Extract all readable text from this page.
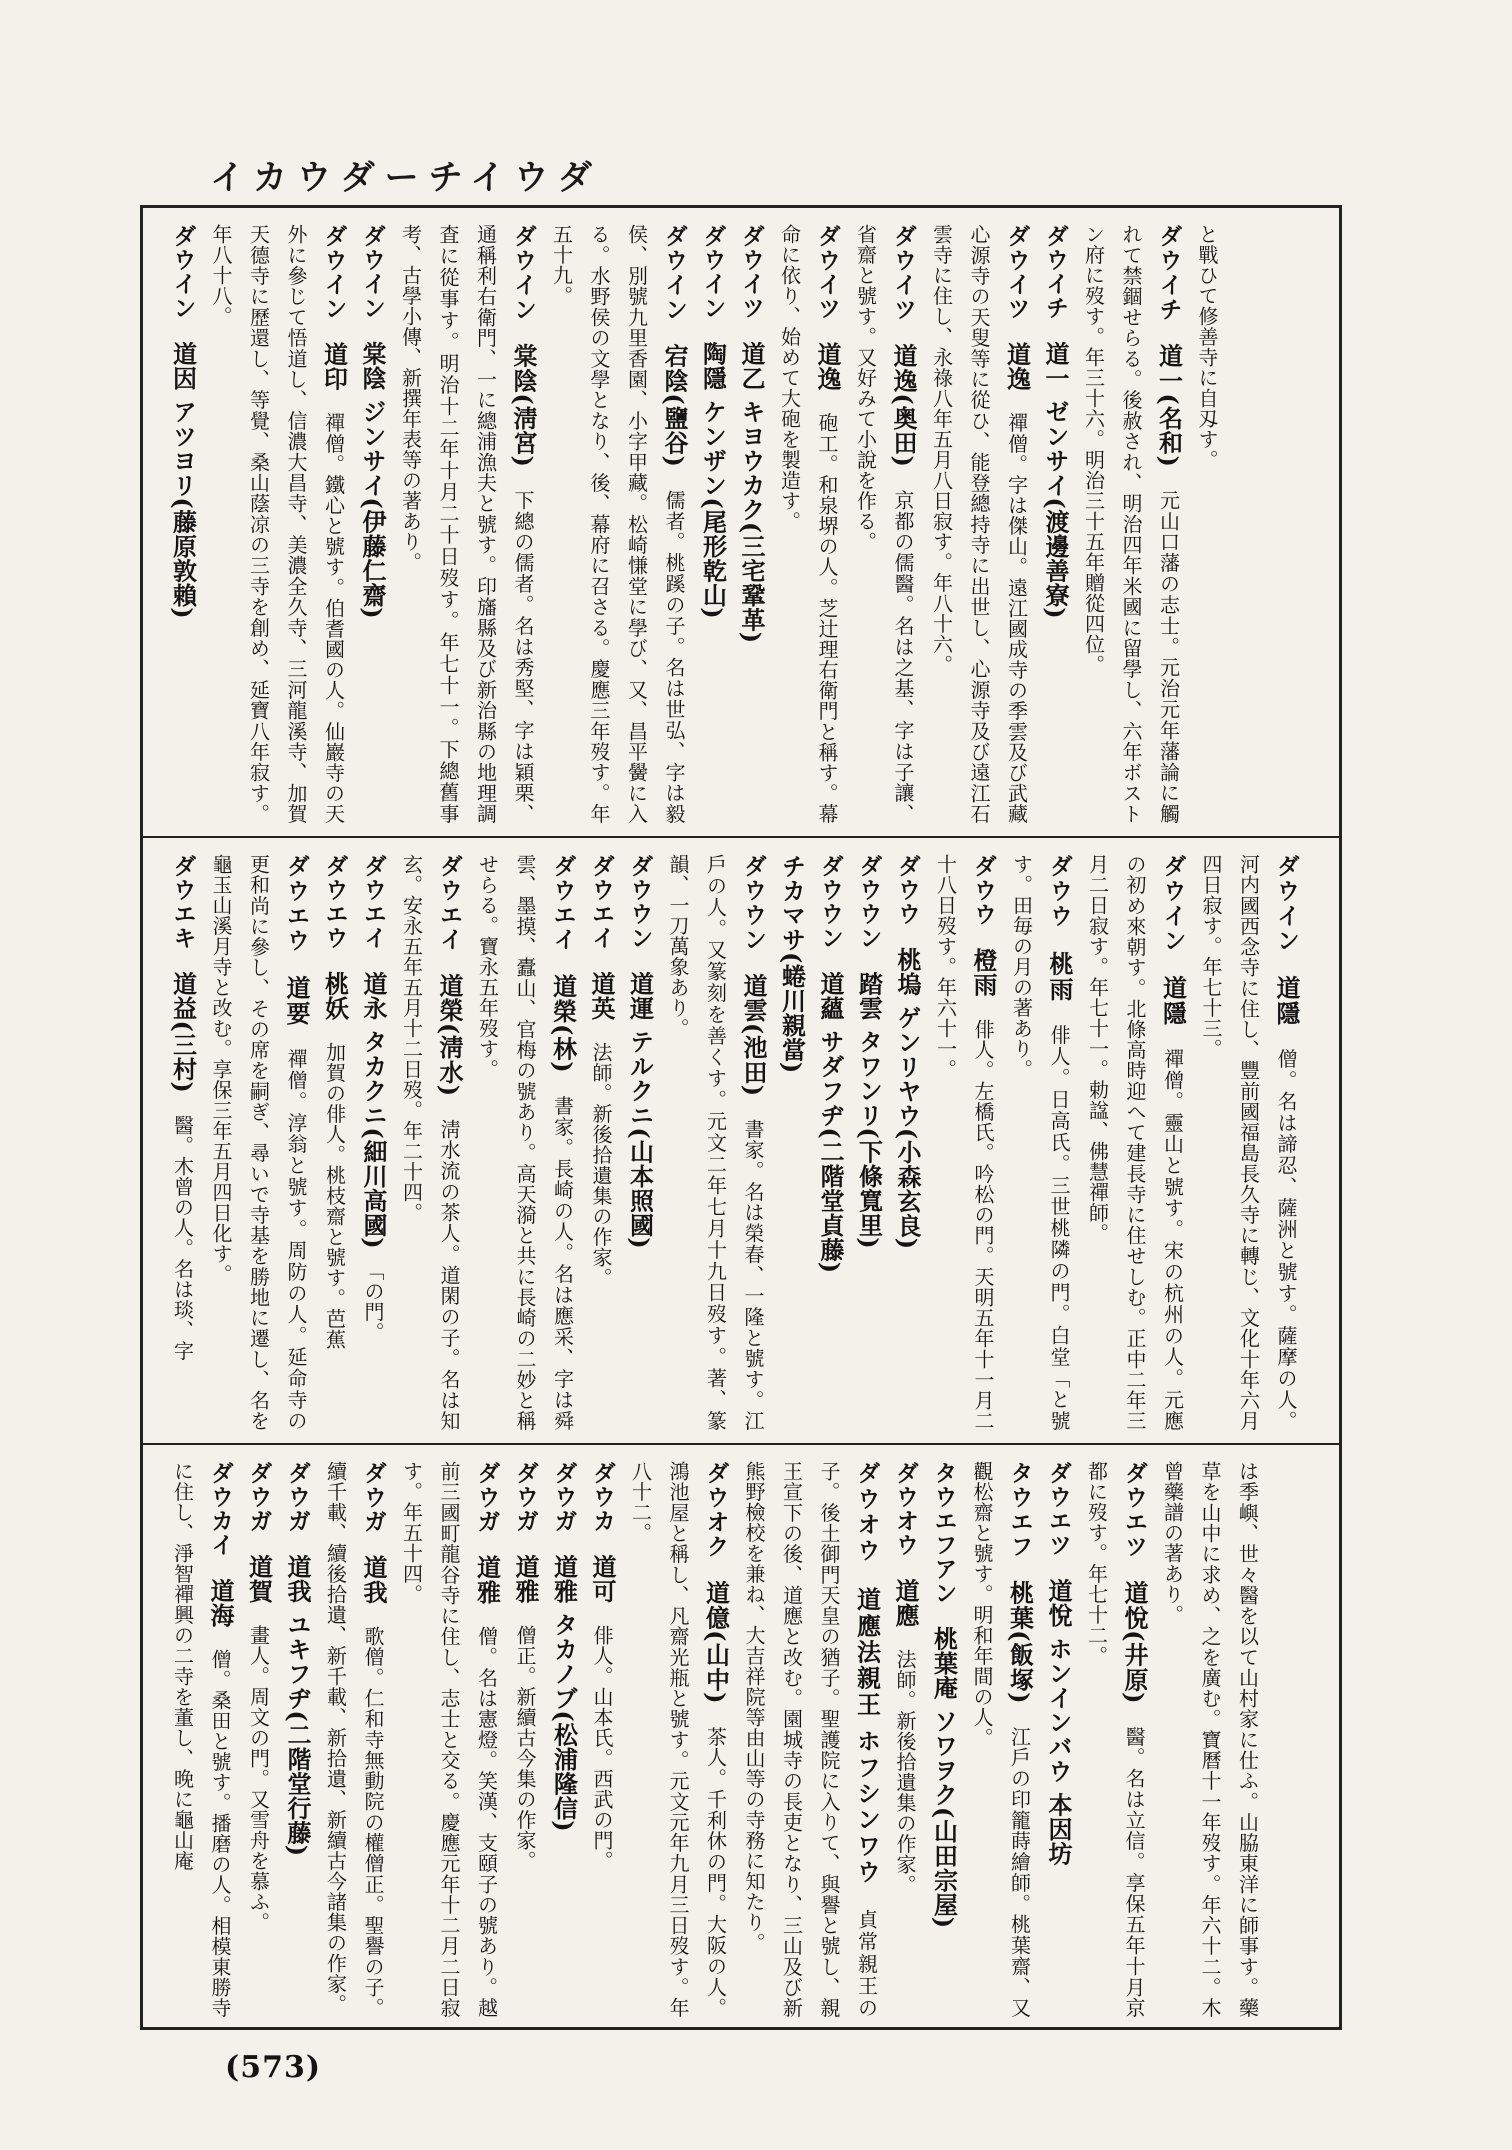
イカウダーチイウダ
と戰ひて修善寺に自刄す。
ダウイチ　道一(名和)　元山口藩の志士。元治元年藩論に觸れて禁錮せらる。後赦され、明治四年米國に留學し、六年ボストン府に歿す。年三十六。明治三十五年贈從四位。
ダウイチ　道一 ゼンサイ(渡邊善寮)　
ダウイツ　道逸　禪僧。字は傑山。遠江國成寺の季雲及び武藏心源寺の天叟等に從ひ、能登總持寺に出世し、心源寺及び遠江石雲寺に住し、永祿八年五月八日寂す。年八十六。
ダウイツ　道逸(奥田)　京都の儒醫。名は之基、字は子讓、省齋と號す。又好みて小說を作る。
ダウイツ　道逸　砲工。和泉堺の人。芝辻理右衛門と稱す。幕命に依り、始めて大砲を製造す。
ダウイツ　道乙 キヨウカク(三宅鞏革)　
ダウイン　陶隱 ケンザン(尾形乾山)　
ダウイン　宕陰(鹽谷)　儒者。桃蹊の子。名は世弘、字は毅侯、別號九里香園、小字甲藏。松崎慊堂に學び、又、昌平黌に入る。水野侯の文學となり、後、幕府に召さる。慶應三年歿す。年五十九。
ダウイン　棠陰(淸宮)　下總の儒者。名は秀堅、字は穎栗、通稱利右衛門、一に總浦漁夫と號す。印旛縣及び新治縣の地理調査に從事す。明治十二年十月二十日歿す。年七十一。下總舊事考、古學小傳、新撰年表等の著あり。
ダウイン　棠陰 ジンサイ(伊藤仁齋)　
ダウイン　道印　禪僧。鐵心と號す。伯耆國の人。仙巖寺の天外に參じて悟道し、信濃大昌寺、美濃全久寺、三河龍溪寺、加賀天德寺に歷還し、等覺、桑山蔭凉の三寺を創め、延寶八年寂す。年八十八。
ダウイン　道因 アツヨリ(藤原敦賴)　
ダウイン　道隱　僧。名は諦忍、薩洲と號す。薩摩の人。河内國西念寺に住し、豐前國福島長久寺に轉じ、文化十年六月四日寂す。年七十三。
ダウイン　道隱　禪僧。靈山と號す。宋の杭州の人。元應の初め來朝す。北條高時迎へて建長寺に住せしむ。正中二年三月二日寂す。年七十一。勅諡、佛慧禪師。
ダウウ　桃雨　俳人。日高氏。三世桃隣の門。白堂「と號す。田毎の月の著あり。
ダウウ　橙雨　俳人。左橋氏。吟松の門。天明五年十一月二十八日歿す。年六十一。
ダウウ　桃塢 ゲンリヤウ(小森玄良)　
ダウウン　踏雲 タワンリ(下條寬里)　
ダウウン　道蘊 サダフヂ(二階堂貞藤)　
チカマサ(蜷川親當)　
ダウウン　道雲(池田)　書家。名は榮春、一隆と號す。江戶の人。又篆刻を善くす。元文二年七月十九日歿す。著、篆韻、一刀萬象あり。
ダウウン　道運 テルクニ(山本照國)　
ダウエイ　道英　法師。新後拾遺集の作家。
ダウエイ　道榮(林)　書家。長崎の人。名は應采、字は舜雲、墨摸、蠹山、官梅の號あり。高天漪と共に長崎の二妙と稱せらる。寶永五年歿す。
ダウエイ　道榮(淸水)　淸水流の茶人。道閑の子。名は知玄。安永五年五月十二日歿。年二十四。
ダウエイ　道永 タカクニ(細川高國)　「の門。
ダウエウ　桃妖　加賀の俳人。桃枝齋と號す。芭蕉
ダウエウ　道要　禪僧。淳翁と號す。周防の人。延命寺の更和尚に參し、その席を嗣ぎ、尋いで寺基を勝地に遷し、名を龜玉山溪月寺と改む。享保三年五月四日化す。
ダウエキ　道益(三村)　醫。木曾の人。名は琰、字
は季嶼、世々醫を以て山村家に仕ふ。山脇東洋に師事す。藥草を山中に求め、之を廣む。寶曆十一年歿す。年六十二。木曾藥譜の著あり。
ダウエツ　道悅(井原)　醫。名は立信。享保五年十月京都に歿す。年七十二。
ダウエツ　道悅 ホンインバウ 本因坊　
タウエフ　桃葉(飯塚)　江戶の印籠蒔繪師。桃葉齋、又觀松齋と號す。明和年間の人。
タウエフアン　桃葉庵 ソワヲク(山田宗屋)　
ダウオウ　道應　法師。新後拾遺集の作家。
ダウオウ　道應法親王 ホフシンワウ　貞常親王の子。後土御門天皇の猶子。聖護院に入りて、與譽と號し、親王宣下の後、道應と改む。園城寺の長吏となり、三山及び新熊野檢校を兼ね、大吉祥院等由山等の寺務に知たり。
ダウオク　道億(山中)　茶人。千利休の門。大阪の人。鴻池屋と稱し、凡齋光瓶と號す。元文元年九月三日歿す。年八十二。
ダウカ　道可　俳人。山本氏。西武の門。
ダウガ　道雅 タカノブ(松浦隆信)　
ダウガ　道雅　僧正。新續古今集の作家。
ダウガ　道雅　僧。名は憲燈。笑漢、支頤子の號あり。越前三國町龍谷寺に住し、志士と交る。慶應元年十二月二日寂す。年五十四。
ダウガ　道我　歌僧。仁和寺無動院の權僧正。聖譽の子。續千載、續後拾遺、新千載、新拾遺、新續古今諸集の作家。
ダウガ　道我 ユキフヂ(二階堂行藤)　
ダウガ　道賀　畫人。周文の門。又雪舟を慕ふ。
ダウカイ　道海　僧。桑田と號す。播磨の人。相模東勝寺に住し、淨智禪興の二寺を董し、晚に龜山庵
(573)
